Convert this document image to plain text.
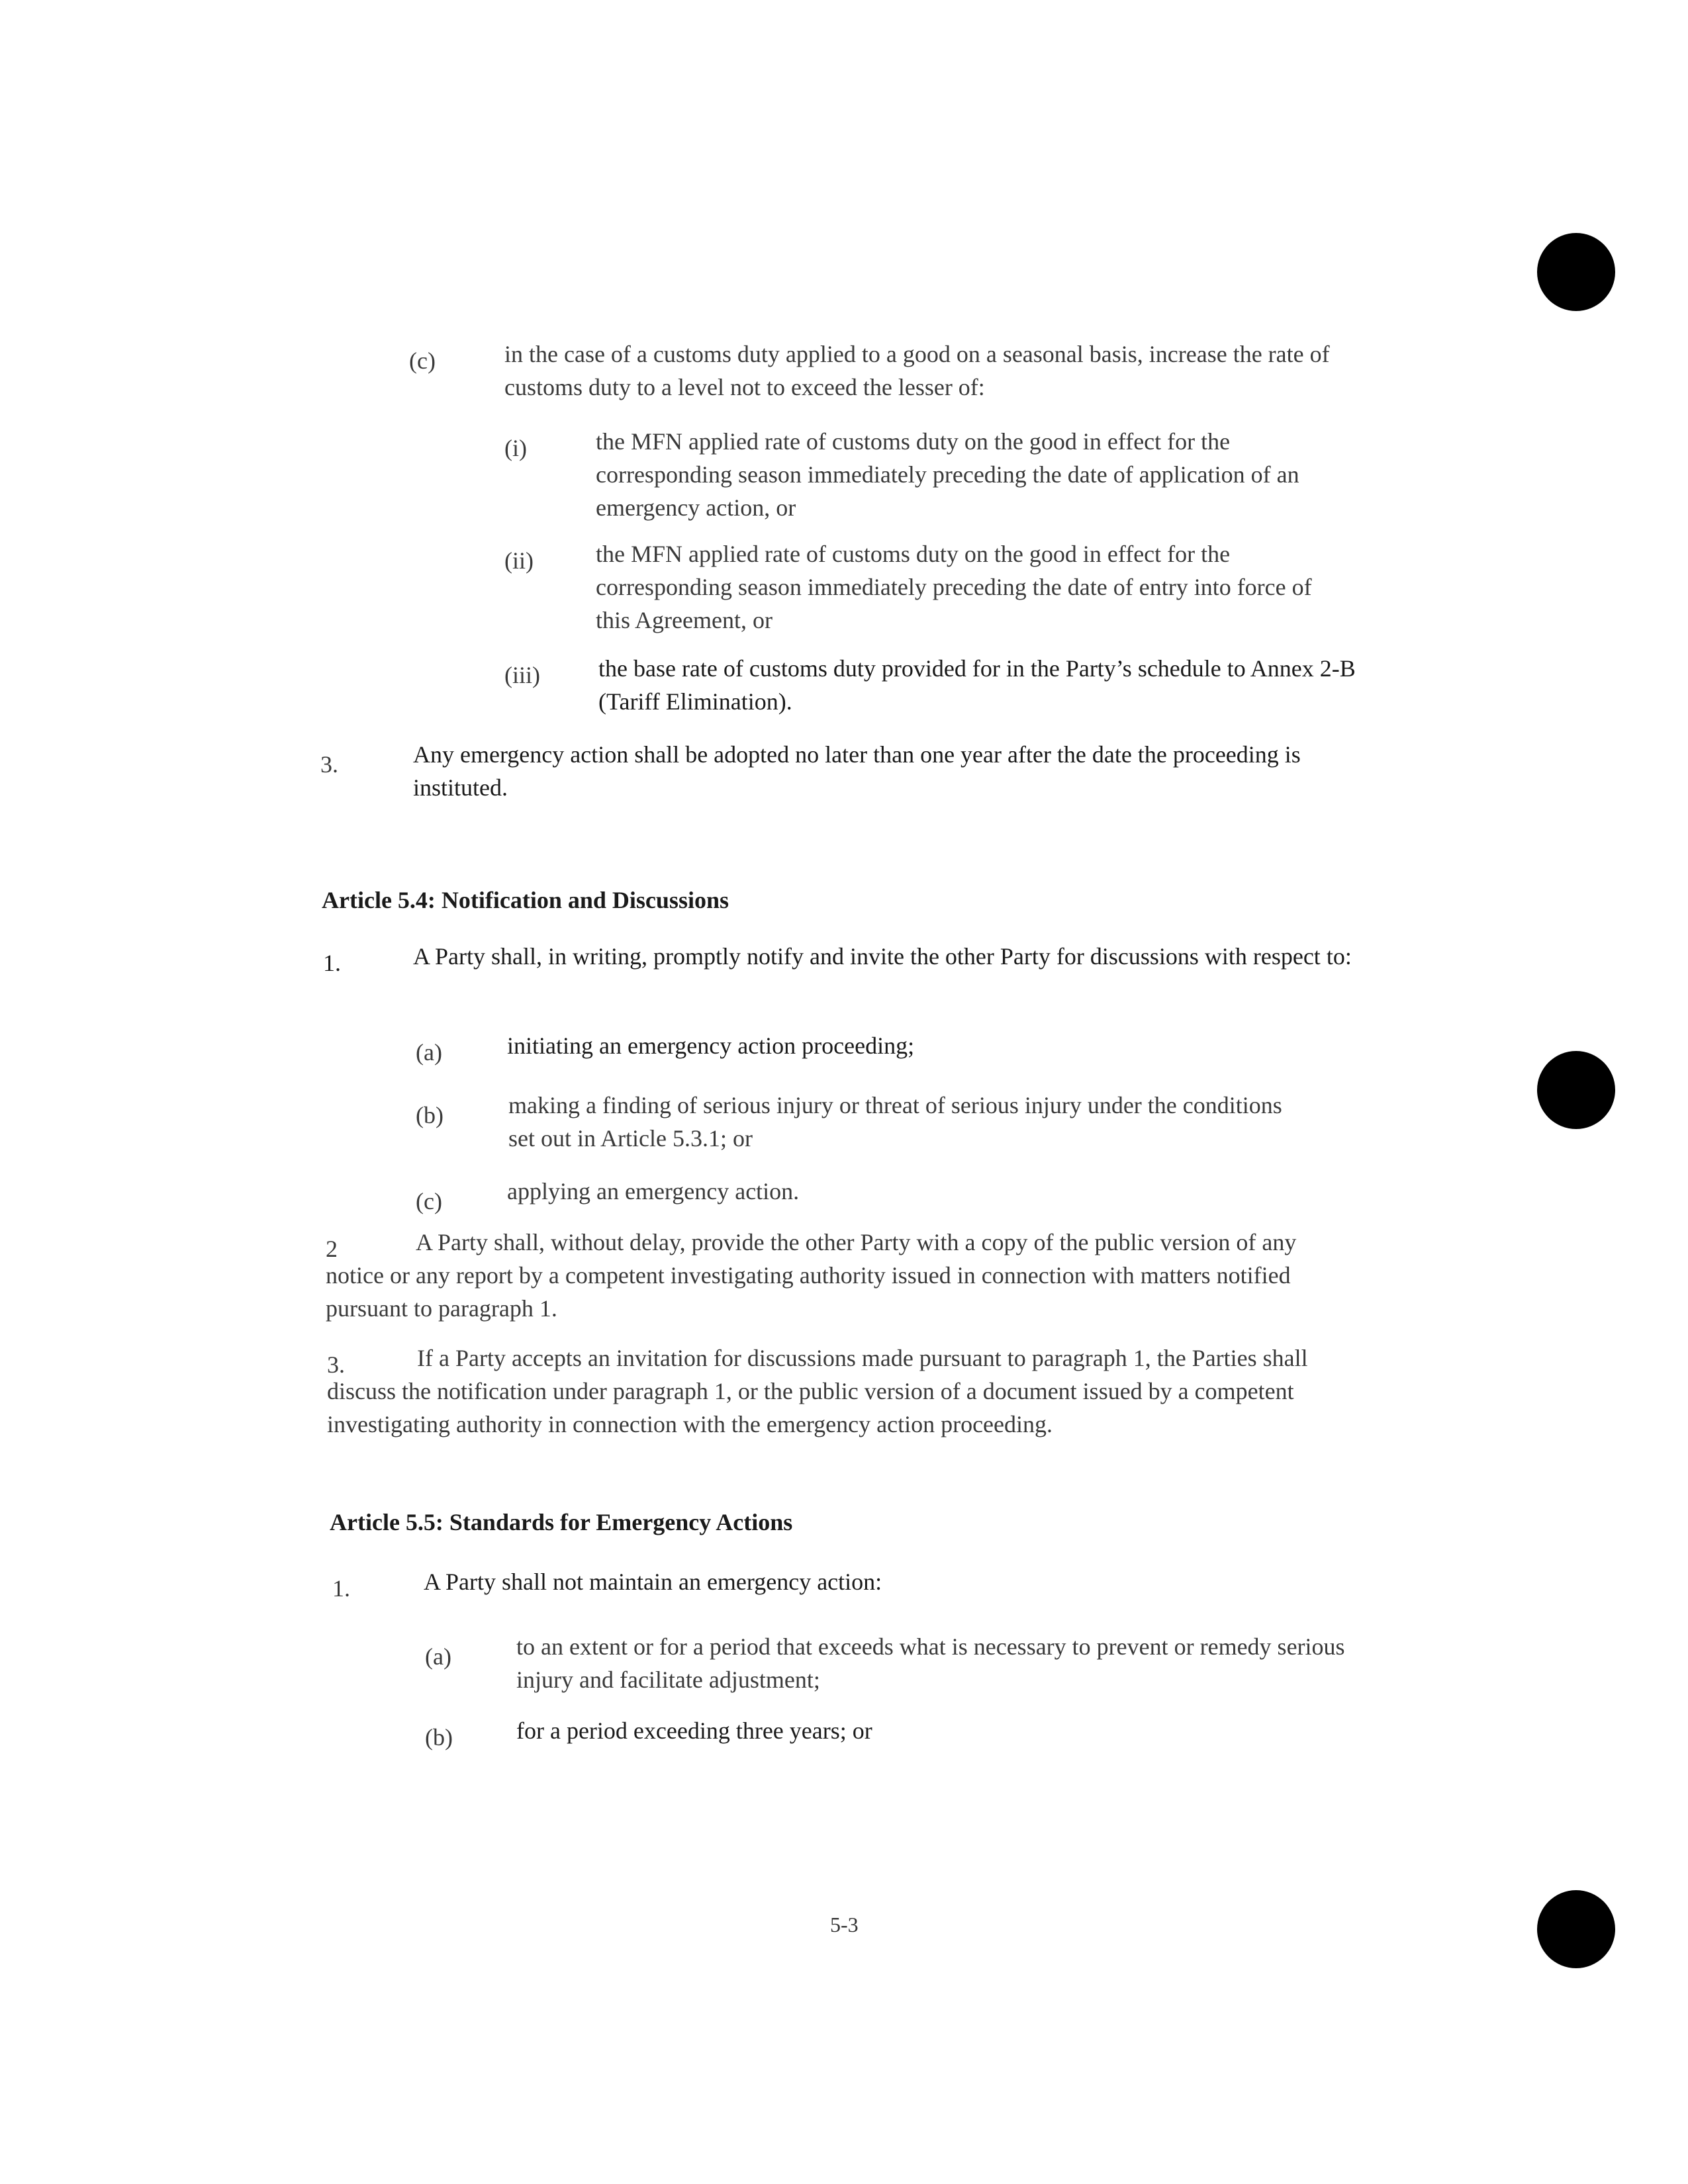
(c)	in the case of a customs duty applied to a good on a seasonal basis, increase the rate of customs duty to a level not to exceed the lesser of:
(i)	the MFN applied rate of customs duty on the good in effect for the corresponding season immediately preceding the date of application of an emergency action, or
(ii)	the MFN applied rate of customs duty on the good in effect for the corresponding season immediately preceding the date of entry into force of this Agreement, or
(iii) the base rate of customs duty provided for in the Party’s schedule to Annex 2-B (Tariff Elimination).
3.	Any emergency action shall be adopted no later than one year after the date the proceeding is instituted.
Article 5.4: Notification and Discussions
1.	A Party shall, in writing, promptly notify and invite the other Party for discussions with respect to:
(a)	initiating an emergency action proceeding;
(b)	making a finding of serious injury or threat of serious injury under the conditions set out in Article 5.3.1; or
(c)	applying an emergency action.
2	A Party shall, without delay, provide the other Party with a copy of the public version of any notice or any report by a competent investigating authority issued in connection with matters notified pursuant to paragraph 1.
3.	If a Party accepts an invitation for discussions made pursuant to paragraph 1, the Parties shall discuss the notification under paragraph 1, or the public version of a document issued by a competent investigating authority in connection with the emergency action proceeding.
Article 5.5: Standards for Emergency Actions
1.	A Party shall not maintain an emergency action:
(a)	to an extent or for a period that exceeds what is necessary to prevent or remedy serious injury and facilitate adjustment;
(b)	for a period exceeding three years; or
5-3
